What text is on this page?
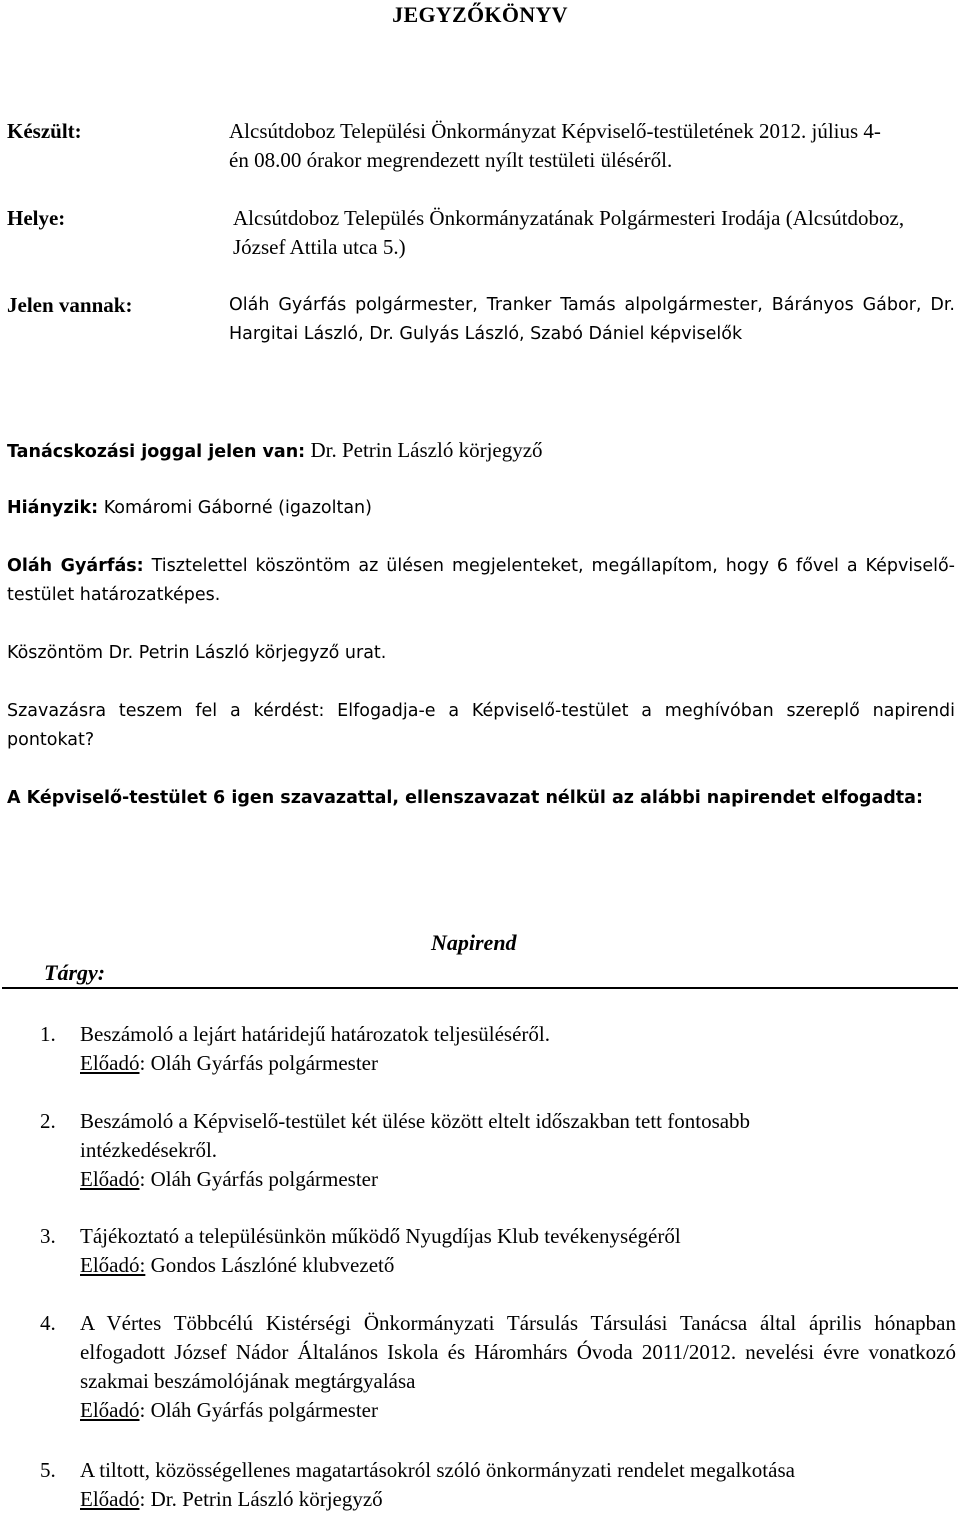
JEGYZŐKÖNYV
Készült:	Alcsútdoboz Települési Önkormányzat Képviselő-testületének 2012. július 4-én 08.00 órakor megrendezett nyílt testületi üléséről.
Helye:	Alcsútdoboz Település Önkormányzatának Polgármesteri Irodája (Alcsútdoboz, József Attila utca 5.)
Jelen vannak:	Oláh Gyárfás polgármester, Tranker Tamás alpolgármester, Bárányos Gábor, Dr. Hargitai László, Dr. Gulyás László, Szabó Dániel képviselők
Tanácskozási joggal jelen van: Dr. Petrin László körjegyző
Hiányzik: Komáromi Gáborné (igazoltan)
Oláh Gyárfás: Tisztelettel köszöntöm az ülésen megjelenteket, megállapítom, hogy 6 fővel a Képviselő-testület határozatképes.
Köszöntöm Dr. Petrin László körjegyző urat.
Szavazásra teszem fel a kérdést: Elfogadja-e a Képviselő-testület a meghívóban szereplő napirendi pontokat?
A Képviselő-testület 6 igen szavazattal, ellenszavazat nélkül az alábbi napirendet elfogadta:
Napirend
Tárgy:
1. Beszámoló a lejárt határidejű határozatok teljesüléséről.
Előadó: Oláh Gyárfás polgármester
2. Beszámoló a Képviselő-testület két ülése között eltelt időszakban tett fontosabb
intézkedésekről.
Előadó: Oláh Gyárfás polgármester
3. Tájékoztató a településünkön működő Nyugdíjas Klub tevékenységéről
Előadó: Gondos Lászlóné klubvezető
4. A Vértes Többcélú Kistérségi Önkormányzati Társulás Társulási Tanácsa által április hónapban elfogadott József Nádor Általános Iskola és Háromhárs Óvoda 2011/2012. nevelési évre vonatkozó szakmai beszámolójának megtárgyalása
Előadó: Oláh Gyárfás polgármester
5. A tiltott, közösségellenes magatartásokról szóló önkormányzati rendelet megalkotása
Előadó: Dr. Petrin László körjegyző
